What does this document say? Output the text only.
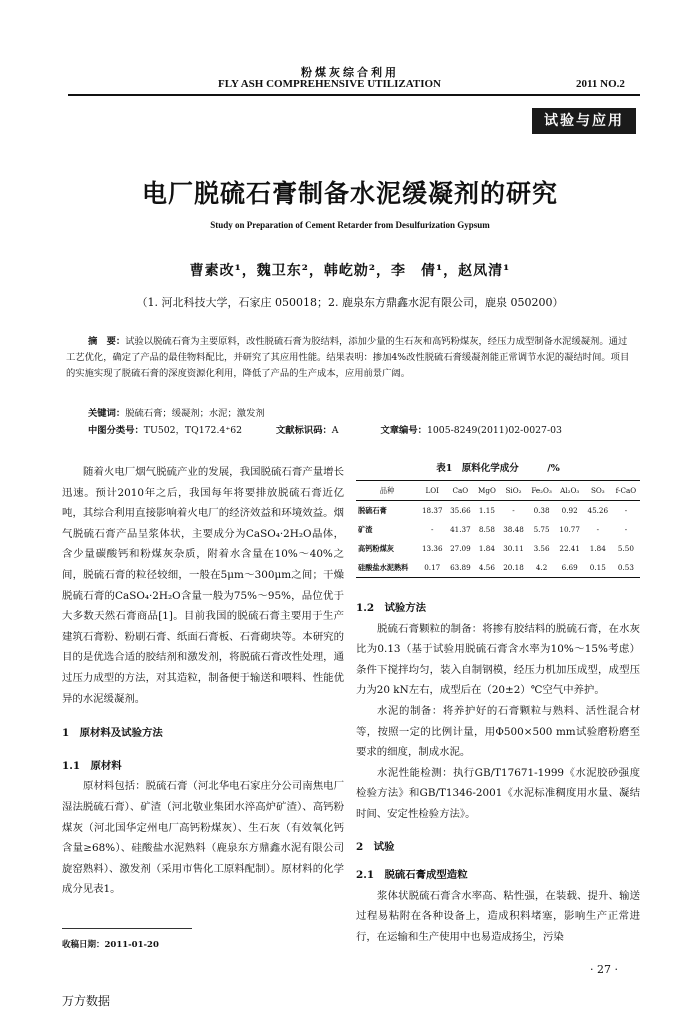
粉煤灰综合利用
FLY ASH COMPREHENSIVE UTILIZATION	2011 NO.2
试验与应用
电厂脱硫石膏制备水泥缓凝剂的研究
Study on Preparation of Cement Retarder from Desulfurization Gypsum
曹素改¹，魏卫东²，韩屹勍²，李　倩¹，赵凤清¹
（1. 河北科技大学，石家庄 050018；2. 鹿泉东方鼎鑫水泥有限公司，鹿泉 050200）
摘　要：试验以脱硫石膏为主要原料，改性脱硫石膏为胶结料，添加少量的生石灰和高钙粉煤灰，经压力成型制备水泥缓凝剂。通过工艺优化，确定了产品的最佳物料配比，并研究了其应用性能。结果表明：掺加4%改性脱硫石膏缓凝剂能正常调节水泥的凝结时间。项目的实施实现了脱硫石膏的深度资源化利用，降低了产品的生产成本，应用前景广阔。
关键词：脱硫石膏；缓凝剂；水泥；激发剂
中图分类号：TU502，TQ172.4⁺62	文献标识码：A	文章编号：1005-8249(2011)02-0027-03

随着火电厂烟气脱硫产业的发展，我国脱硫石膏产量增长迅速。预计2010年之后，我国每年将要排放脱硫石膏近亿吨，其综合利用直接影响着火电厂的经济效益和环境效益。烟气脱硫石膏产品呈浆体状，主要成分为CaSO₄·2H₂O晶体，含少量碳酸钙和粉煤灰杂质，附着水含量在10%～40%之间，脱硫石膏的粒径较细，一般在5μm～300μm之间；干燥脱硫石膏的CaSO₄·2H₂O含量一般为75%～95%，品位优于大多数天然石膏商品[1]。目前我国的脱硫石膏主要用于生产建筑石膏粉、粉刷石膏、纸面石膏板、石膏砌块等。本研究的目的是优选合适的胶结剂和激发剂，将脱硫石膏改性处理，通过压力成型的方法，对其造粒，制备便于输送和喂料、性能优异的水泥缓凝剂。

1　原材料及试验方法
1.1　原材料

原材料包括：脱硫石膏（河北华电石家庄分公司南焦电厂湿法脱硫石膏）、矿渣（河北敬业集团水淬高炉矿渣）、高钙粉煤灰（河北国华定州电厂高钙粉煤灰）、生石灰（有效氧化钙含量≥68%）、硅酸盐水泥熟料（鹿泉东方鼎鑫水泥有限公司旋窑熟料）、激发剂（采用市售化工原料配制）。原材料的化学成分见表1。

收稿日期：2011-01-20
表1　原料化学成分　　　/%
品种	LOI	CaO	MgO	SiO₂	Fe₂O₃	Al₂O₃	SO₃	f-CaO
脱硫石膏	18.37	35.66	1.15	-	0.38	0.92	45.26	-
矿渣	-	41.37	8.58	38.48	5.75	10.77	-	-
高钙粉煤灰	13.36	27.09	1.84	30.11	3.56	22.41	1.84	5.50
硅酸盐水泥熟料	0.17	63.89	4.56	20.18	4.2	6.69	0.15	0.53
1.2　试验方法

脱硫石膏颗粒的制备：将掺有胶结料的脱硫石膏，在水灰比为0.13（基于试验用脱硫石膏含水率为10%～15%考虑）条件下搅拌均匀，装入自制钢模，经压力机加压成型，成型压力为20 kN左右，成型后在（20±2）℃空气中养护。

水泥的制备：将养护好的石膏颗粒与熟料、活性混合材等，按照一定的比例计量，用Φ500×500 mm试验磨粉磨至要求的细度，制成水泥。

水泥性能检测：执行GB/T17671-1999《水泥胶砂强度检验方法》和GB/T1346-2001《水泥标准稠度用水量、凝结时间、安定性检验方法》。

2　试验
2.1　脱硫石膏成型造粒

浆体状脱硫石膏含水率高、粘性强，在装载、提升、输送过程易粘附在各种设备上，造成积料堵塞，影响生产正常进行，在运输和生产使用中也易造成扬尘，污染

· 27 ·
万方数据
